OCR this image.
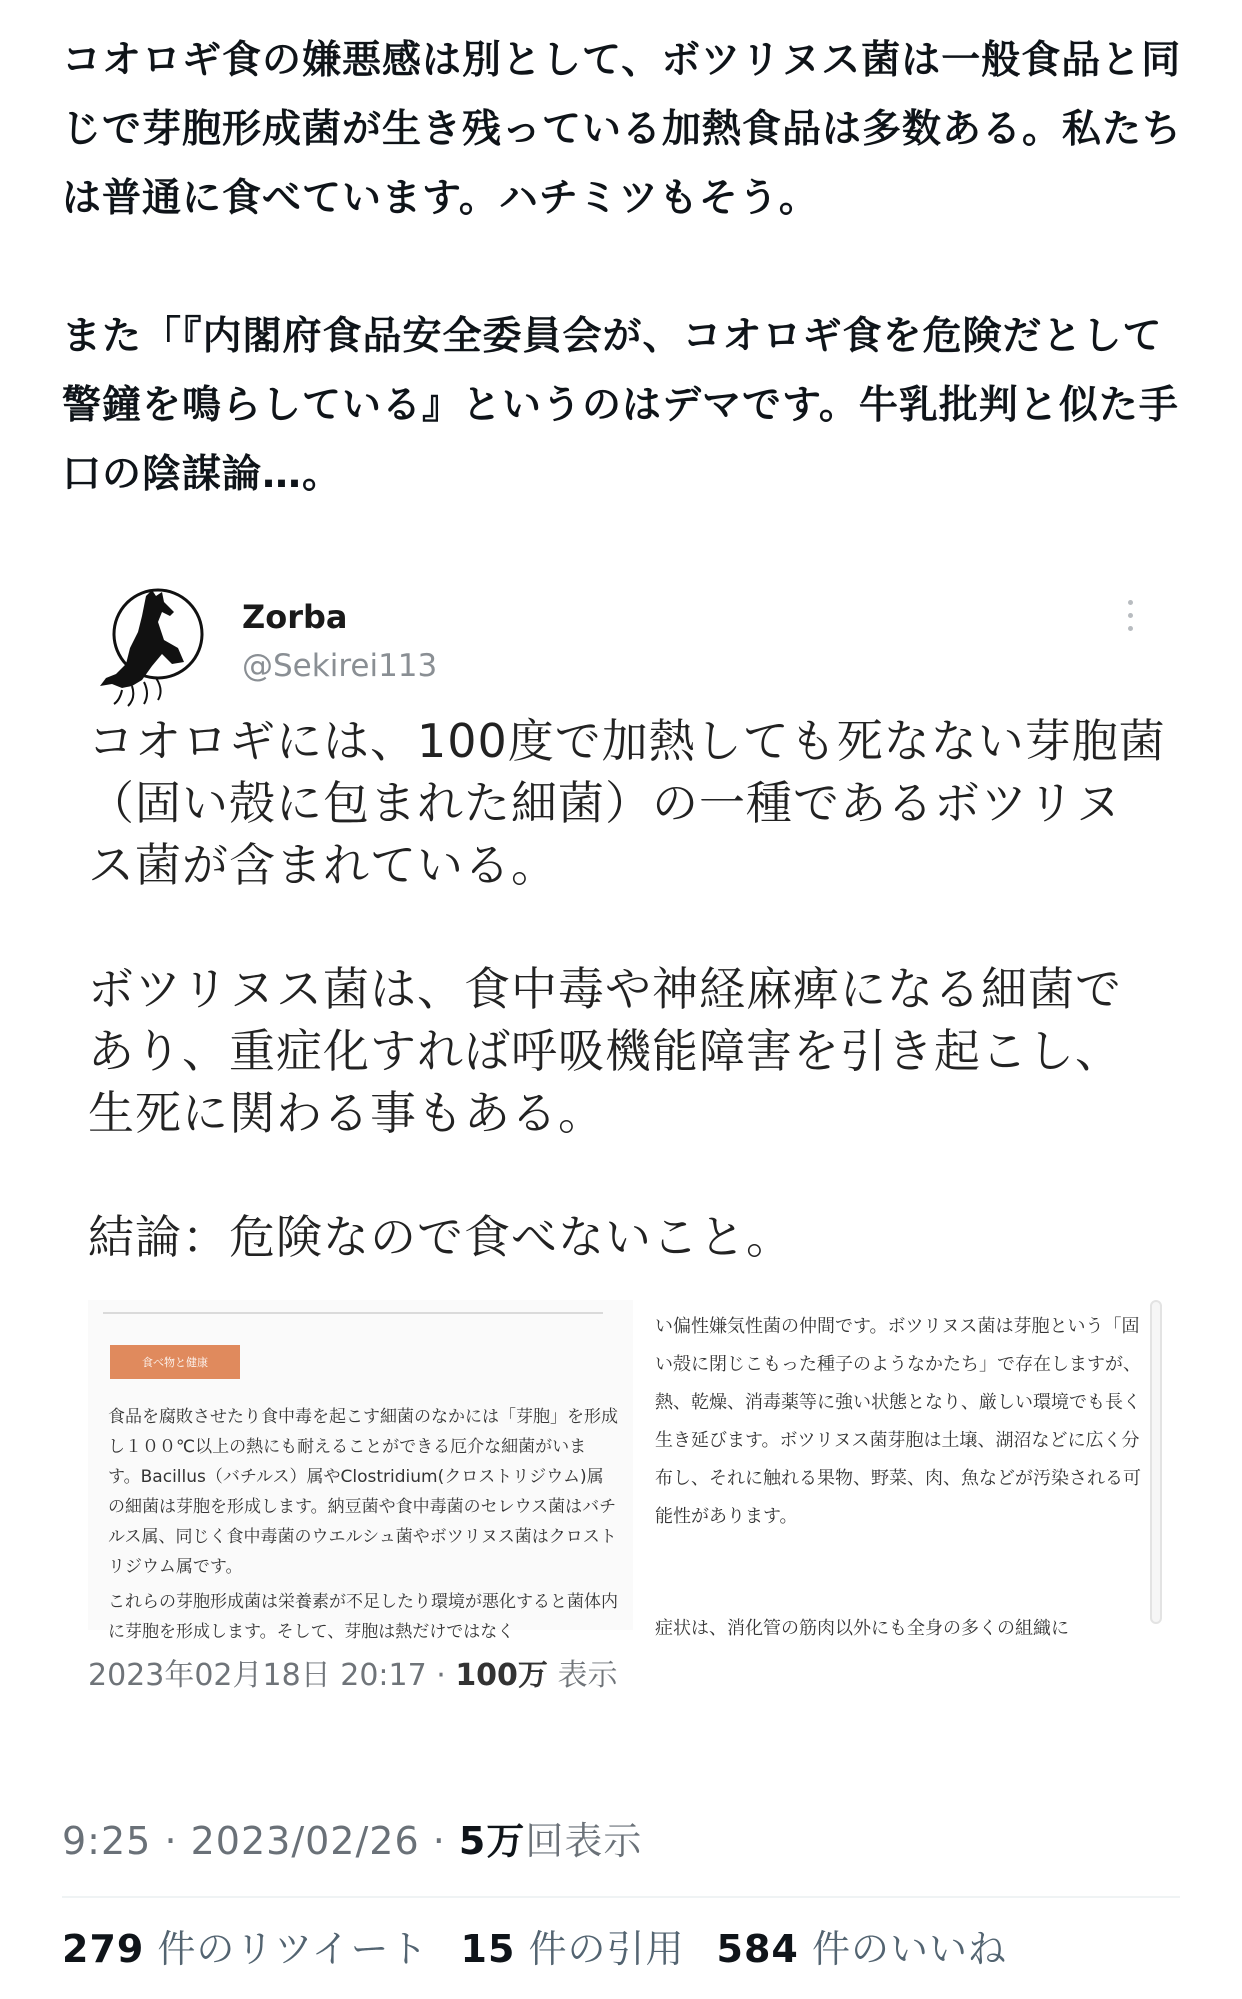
コオロギ食の嫌悪感は別として、ボツリヌス菌は一般食品と同じで芽胞形成菌が生き残っている加熱食品は多数ある。私たちは普通に食べています。ハチミツもそう。

また「『内閣府食品安全委員会が、コオロギ食を危険だとして警鐘を鳴らしている』というのはデマです。牛乳批判と似た手口の陰謀論…。

Zorba
@Sekirei113

コオロギには、100度で加熱しても死なない芽胞菌（固い殻に包まれた細菌）の一種であるボツリヌス菌が含まれている。

ボツリヌス菌は、食中毒や神経麻痺になる細菌であり、重症化すれば呼吸機能障害を引き起こし、生死に関わる事もある。

結論：危険なので食べないこと。

食べ物と健康
食品を腐敗させたり食中毒を起こす細菌のなかには「芽胞」を形成し１００℃以上の熱にも耐えることができる厄介な細菌がいます。Bacillus（バチルス）属やClostridium(クロストリジウム)属の細菌は芽胞を形成します。納豆菌や食中毒菌のセレウス菌はバチルス属、同じく食中毒菌のウエルシュ菌やボツリヌス菌はクロストリジウム属です。
これらの芽胞形成菌は栄養素が不足したり環境が悪化すると菌体内に芽胞を形成します。そして、芽胞は熱だけではなく
い偏性嫌気性菌の仲間です。ボツリヌス菌は芽胞という「固い殻に閉じこもった種子のようなかたち」で存在しますが、熱、乾燥、消毒薬等に強い状態となり、厳しい環境でも長く生き延びます。ボツリヌス菌芽胞は土壌、湖沼などに広く分布し、それに触れる果物、野菜、肉、魚などが汚染される可能性があります。
症状は、消化管の筋肉以外にも全身の多くの組織に
2023年02月18日 20:17 · 100万 表示
9:25 · 2023/02/26 · 5万回表示
279 件のリツイート 15 件の引用 584 件のいいね
